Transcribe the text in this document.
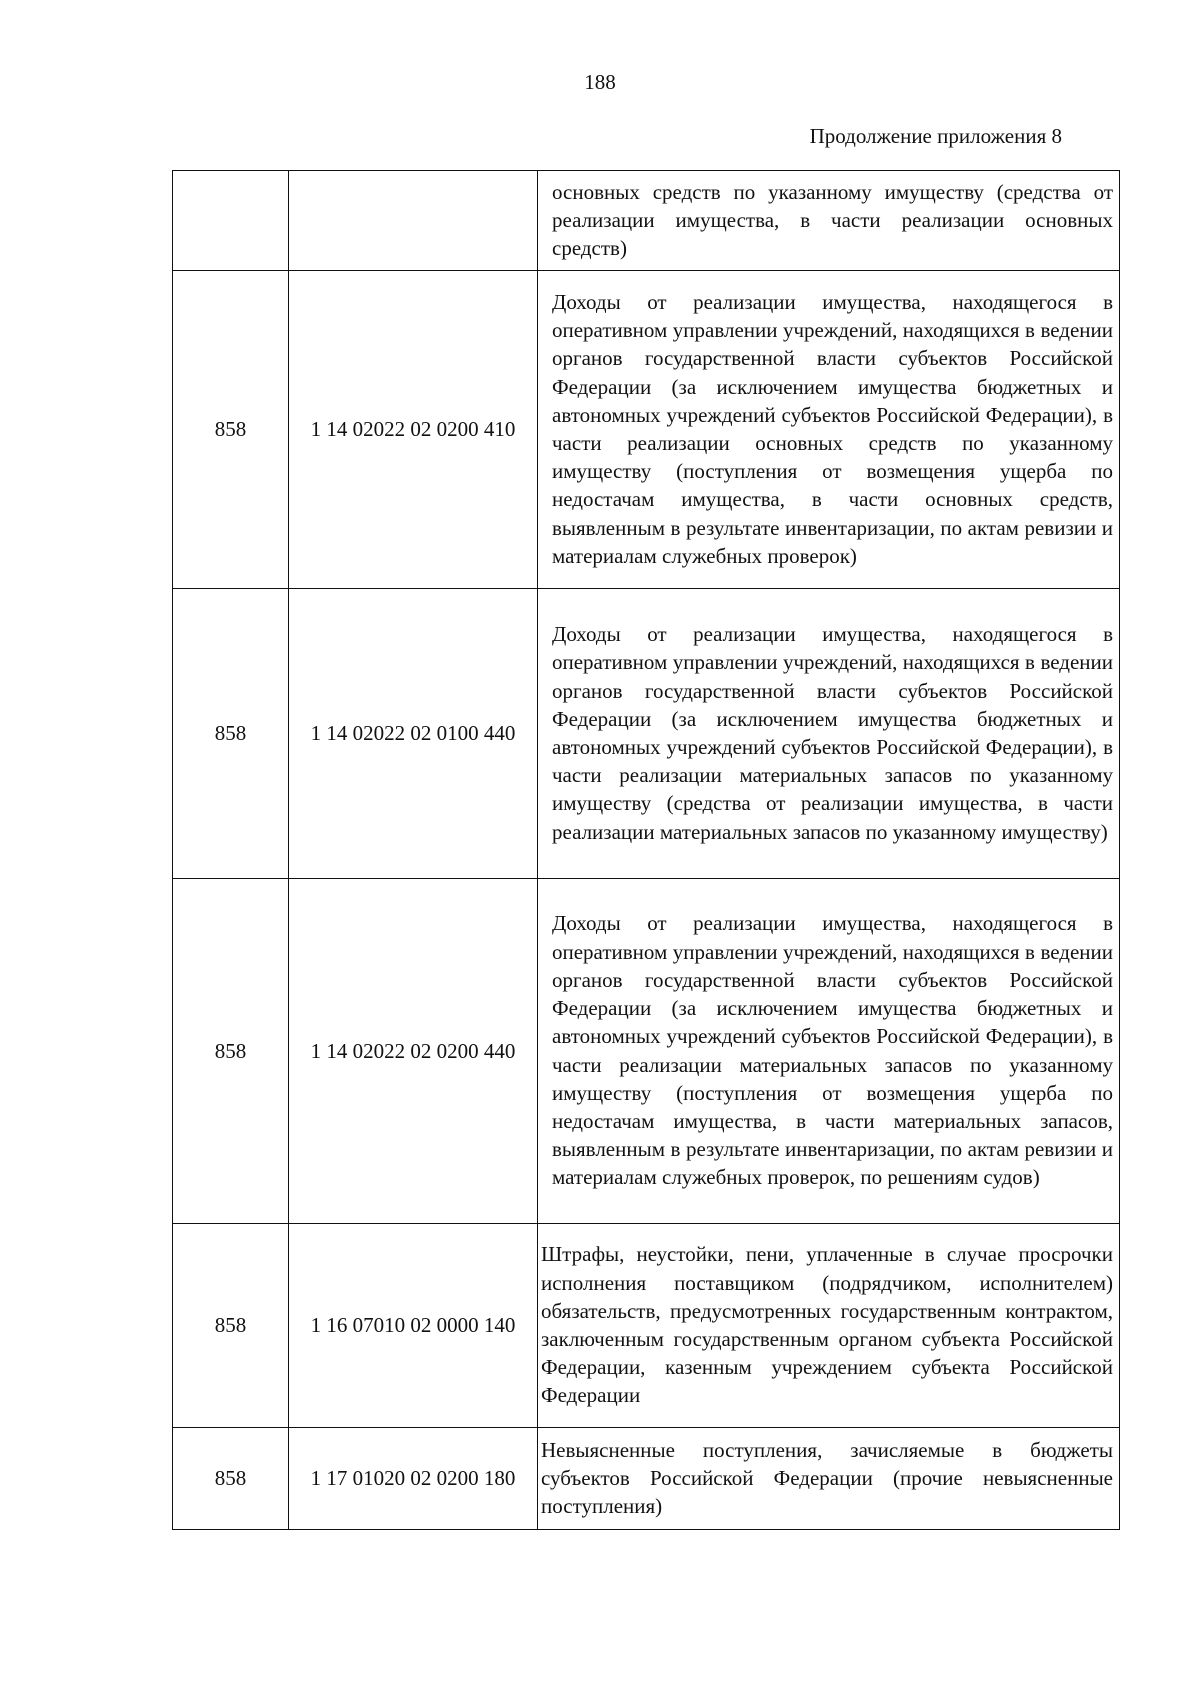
188
Продолжение приложения 8
		основных средств по указанному имуществу (средства от реализации имущества, в части реализации основных средств)
858	1 14 02022 02 0200 410	Доходы от реализации имущества, находящегося в оперативном управлении учреждений, находящихся в ведении органов государственной власти субъектов Российской Федерации (за исключением имущества бюджетных и автономных учреждений субъектов Российской Федерации), в части реализации основных средств по указанному имуществу (поступления от возмещения ущерба по недостачам имущества, в части основных средств, выявленным в результате инвентаризации, по актам ревизии и материалам служебных проверок)
858	1 14 02022 02 0100 440	Доходы от реализации имущества, находящегося в оперативном управлении учреждений, находящихся в ведении органов государственной власти субъектов Российской Федерации (за исключением имущества бюджетных и автономных учреждений субъектов Российской Федерации), в части реализации материальных запасов по указанному имуществу (средства от реализации имущества, в части реализации материальных запасов по указанному имуществу)
858	1 14 02022 02 0200 440	Доходы от реализации имущества, находящегося в оперативном управлении учреждений, находящихся в ведении органов государственной власти субъектов Российской Федерации (за исключением имущества бюджетных и автономных учреждений субъектов Российской Федерации), в части реализации материальных запасов по указанному имуществу (поступления от возмещения ущерба по недостачам имущества, в части материальных запасов, выявленным в результате инвентаризации, по актам ревизии и материалам служебных проверок, по решениям судов)
858	1 16 07010 02 0000 140	Штрафы, неустойки, пени, уплаченные в случае просрочки исполнения поставщиком (подрядчиком, исполнителем) обязательств, предусмотренных государственным контрактом, заключенным государственным органом субъекта Российской Федерации, казенным учреждением субъекта Российской Федерации
858	1 17 01020 02 0200 180	Невыясненные поступления, зачисляемые в бюджеты субъектов Российской Федерации (прочие невыясненные поступления)
